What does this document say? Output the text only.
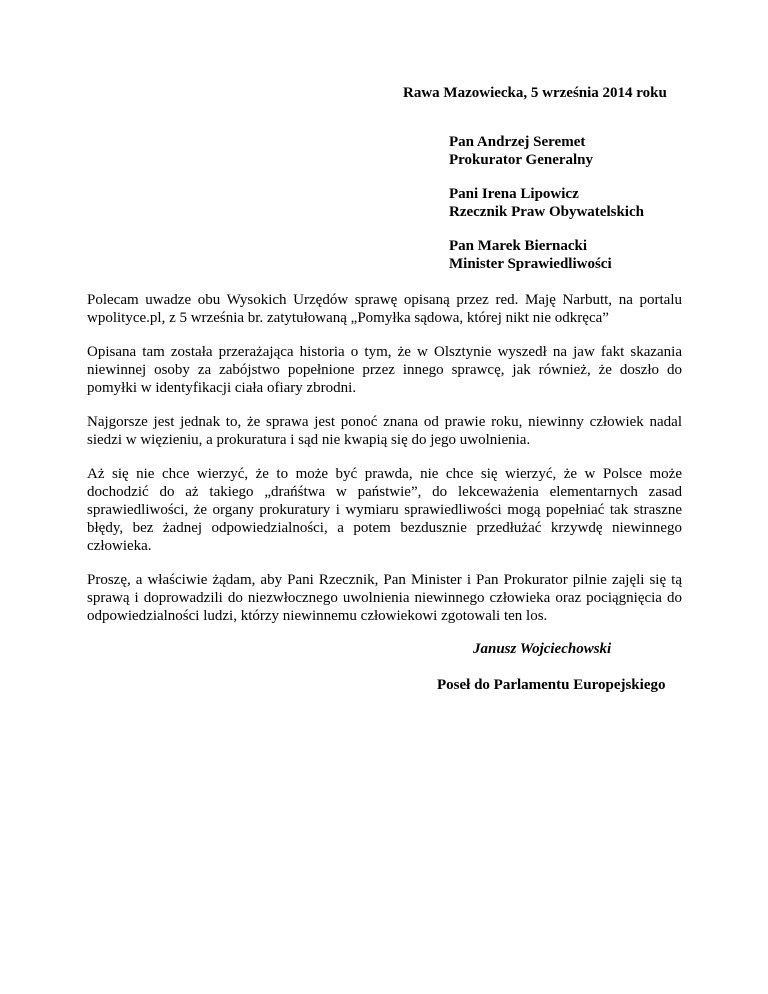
Rawa Mazowiecka, 5 września 2014 roku
Pan Andrzej Seremet
Prokurator Generalny
Pani Irena Lipowicz
Rzecznik Praw Obywatelskich
Pan Marek Biernacki
Minister Sprawiedliwości

Polecam uwadze obu Wysokich Urzędów sprawę opisaną przez red. Maję Narbutt, na portalu wpolityce.pl, z 5 września br. zatytułowaną „Pomyłka sądowa, której nikt nie odkręca”

Opisana tam została przerażająca historia o tym, że w Olsztynie wyszedł na jaw fakt skazania niewinnej osoby za zabójstwo popełnione przez innego sprawcę, jak również, że doszło do pomyłki w identyfikacji ciała ofiary zbrodni.

Najgorsze jest jednak to, że sprawa jest ponoć znana od prawie roku, niewinny człowiek nadal siedzi w więzieniu, a prokuratura i sąd nie kwapią się do jego uwolnienia.

Aż się nie chce wierzyć, że to może być prawda, nie chce się wierzyć, że w Polsce może dochodzić do aż takiego „drańśtwa w państwie”, do lekceważenia elementarnych zasad sprawiedliwości, że organy prokuratury i wymiaru sprawiedliwości mogą popełniać tak straszne błędy, bez żadnej odpowiedzialności, a potem bezdusznie przedłużać krzywdę niewinnego człowieka.

Proszę, a właściwie żądam, aby Pani Rzecznik, Pan Minister i Pan Prokurator pilnie zajęli się tą sprawą i doprowadzili do niezwłocznego uwolnienia niewinnego człowieka oraz pociągnięcia do odpowiedzialności ludzi, którzy niewinnemu człowiekowi zgotowali ten los.

Janusz Wojciechowski
Poseł do Parlamentu Europejskiego
